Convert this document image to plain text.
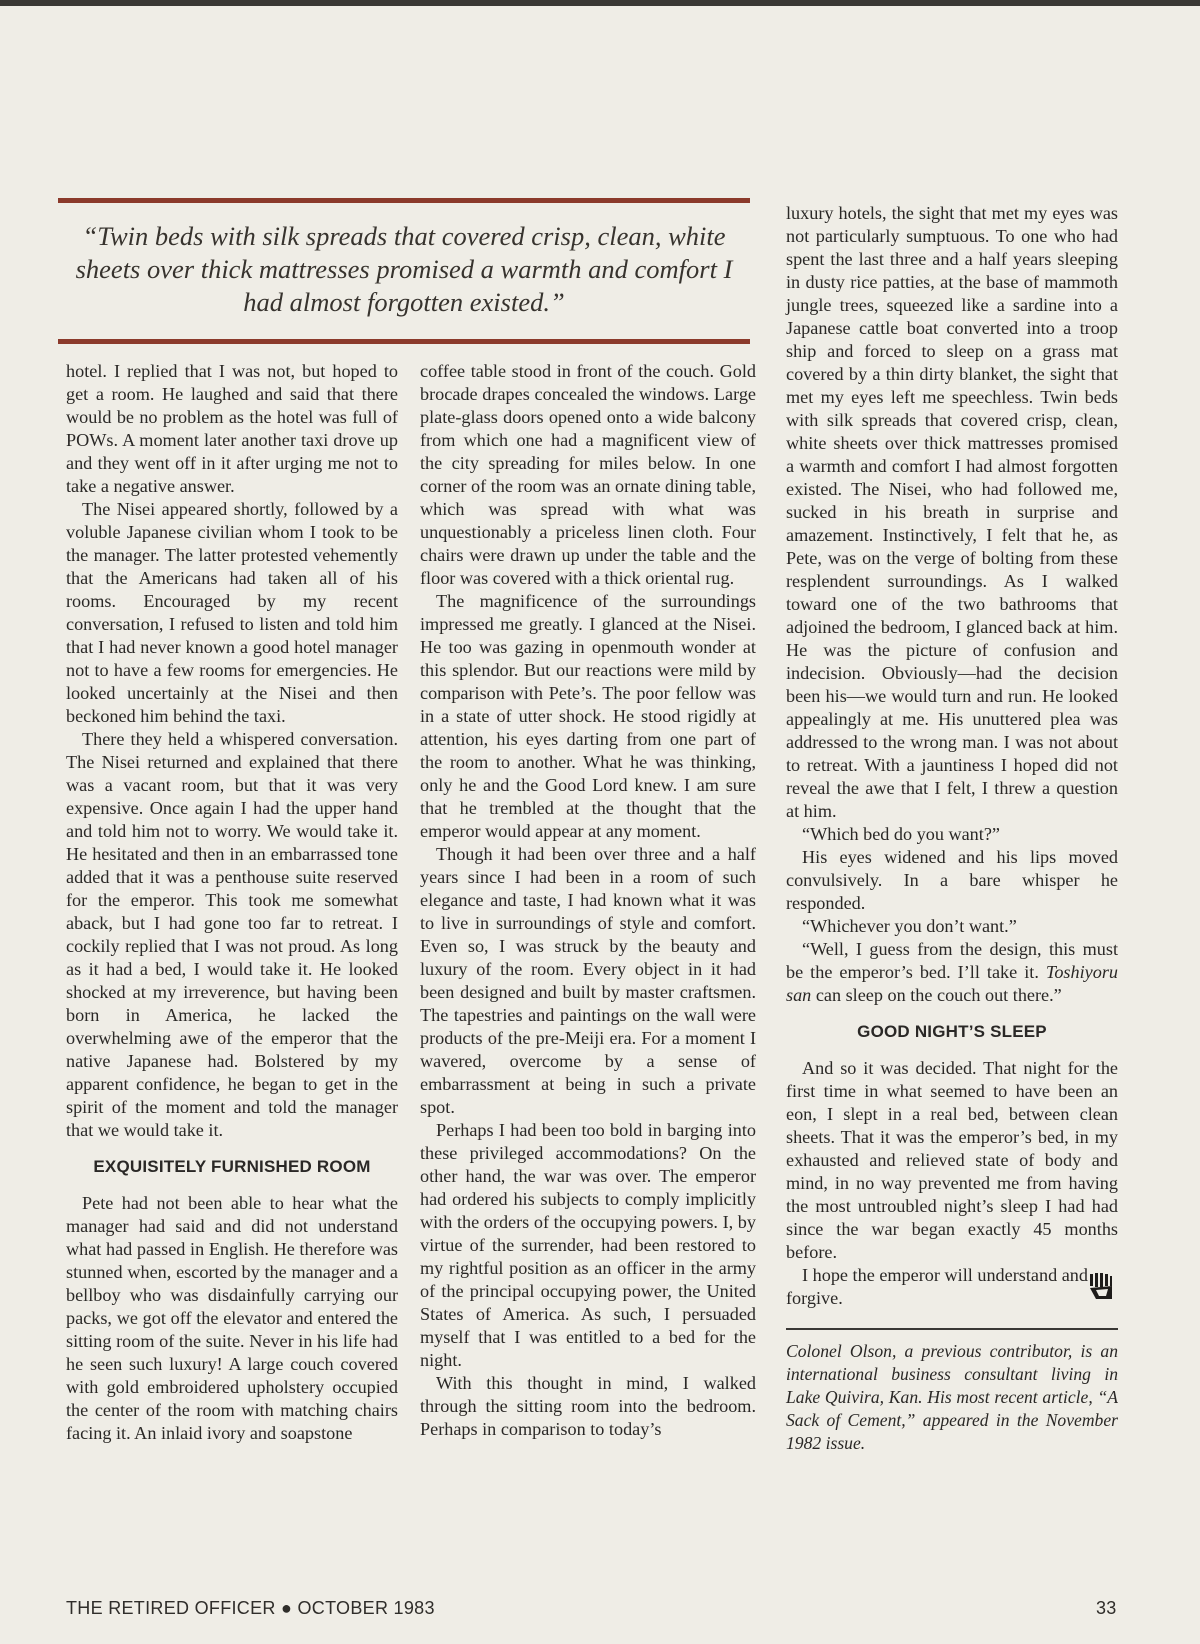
“Twin beds with silk spreads that covered crisp, clean, white sheets over thick mattresses promised a warmth and comfort I had almost forgotten existed.”

hotel. I replied that I was not, but hoped to get a room. He laughed and said that there would be no problem as the hotel was full of POWs. A moment later another taxi drove up and they went off in it after urging me not to take a negative answer.

The Nisei appeared shortly, followed by a voluble Japanese civilian whom I took to be the manager. The latter protested vehemently that the Americans had taken all of his rooms. Encouraged by my recent conversation, I refused to listen and told him that I had never known a good hotel manager not to have a few rooms for emergencies. He looked uncertainly at the Nisei and then beckoned him behind the taxi.

There they held a whispered conversation. The Nisei returned and explained that there was a vacant room, but that it was very expensive. Once again I had the upper hand and told him not to worry. We would take it. He hesitated and then in an embarrassed tone added that it was a penthouse suite reserved for the emperor. This took me somewhat aback, but I had gone too far to retreat. I cockily replied that I was not proud. As long as it had a bed, I would take it. He looked shocked at my irreverence, but having been born in America, he lacked the overwhelming awe of the emperor that the native Japanese had. Bolstered by my apparent confidence, he began to get in the spirit of the moment and told the manager that we would take it.

EXQUISITELY FURNISHED ROOM

Pete had not been able to hear what the manager had said and did not understand what had passed in English. He therefore was stunned when, escorted by the manager and a bellboy who was disdainfully carrying our packs, we got off the elevator and entered the sitting room of the suite. Never in his life had he seen such luxury! A large couch covered with gold embroidered upholstery occupied the center of the room with matching chairs facing it. An inlaid ivory and soapstone

coffee table stood in front of the couch. Gold brocade drapes concealed the windows. Large plate-glass doors opened onto a wide balcony from which one had a magnificent view of the city spreading for miles below. In one corner of the room was an ornate dining table, which was spread with what was unquestionably a priceless linen cloth. Four chairs were drawn up under the table and the floor was covered with a thick oriental rug.

The magnificence of the surroundings impressed me greatly. I glanced at the Nisei. He too was gazing in openmouth wonder at this splendor. But our reactions were mild by comparison with Pete’s. The poor fellow was in a state of utter shock. He stood rigidly at attention, his eyes darting from one part of the room to another. What he was thinking, only he and the Good Lord knew. I am sure that he trembled at the thought that the emperor would appear at any moment.

Though it had been over three and a half years since I had been in a room of such elegance and taste, I had known what it was to live in surroundings of style and comfort. Even so, I was struck by the beauty and luxury of the room. Every object in it had been designed and built by master craftsmen. The tapestries and paintings on the wall were products of the pre-Meiji era. For a moment I wavered, overcome by a sense of embarrassment at being in such a private spot.

Perhaps I had been too bold in barging into these privileged accommodations? On the other hand, the war was over. The emperor had ordered his subjects to comply implicitly with the orders of the occupying powers. I, by virtue of the surrender, had been restored to my rightful position as an officer in the army of the principal occupying power, the United States of America. As such, I persuaded myself that I was entitled to a bed for the night.

With this thought in mind, I walked through the sitting room into the bedroom. Perhaps in comparison to today’s

luxury hotels, the sight that met my eyes was not particularly sumptuous. To one who had spent the last three and a half years sleeping in dusty rice patties, at the base of mammoth jungle trees, squeezed like a sardine into a Japanese cattle boat converted into a troop ship and forced to sleep on a grass mat covered by a thin dirty blanket, the sight that met my eyes left me speechless. Twin beds with silk spreads that covered crisp, clean, white sheets over thick mattresses promised a warmth and comfort I had almost forgotten existed. The Nisei, who had followed me, sucked in his breath in surprise and amazement. Instinctively, I felt that he, as Pete, was on the verge of bolting from these resplendent surroundings. As I walked toward one of the two bathrooms that adjoined the bedroom, I glanced back at him. He was the picture of confusion and indecision. Obviously—had the decision been his—we would turn and run. He looked appealingly at me. His unuttered plea was addressed to the wrong man. I was not about to retreat. With a jauntiness I hoped did not reveal the awe that I felt, I threw a question at him.

“Which bed do you want?”

His eyes widened and his lips moved convulsively. In a bare whisper he responded.

“Whichever you don’t want.”

“Well, I guess from the design, this must be the emperor’s bed. I’ll take it. Toshiyoru san can sleep on the couch out there.”

GOOD NIGHT’S SLEEP

And so it was decided. That night for the first time in what seemed to have been an eon, I slept in a real bed, between clean sheets. That it was the emperor’s bed, in my exhausted and relieved state of body and mind, in no way prevented me from having the most untroubled night’s sleep I had had since the war began exactly 45 months before.

I hope the emperor will understand and forgive.

Colonel Olson, a previous contributor, is an international business consultant living in Lake Quivira, Kan. His most recent article, “A Sack of Cement,” appeared in the November 1982 issue.

THE RETIRED OFFICER ● OCTOBER 1983	33
